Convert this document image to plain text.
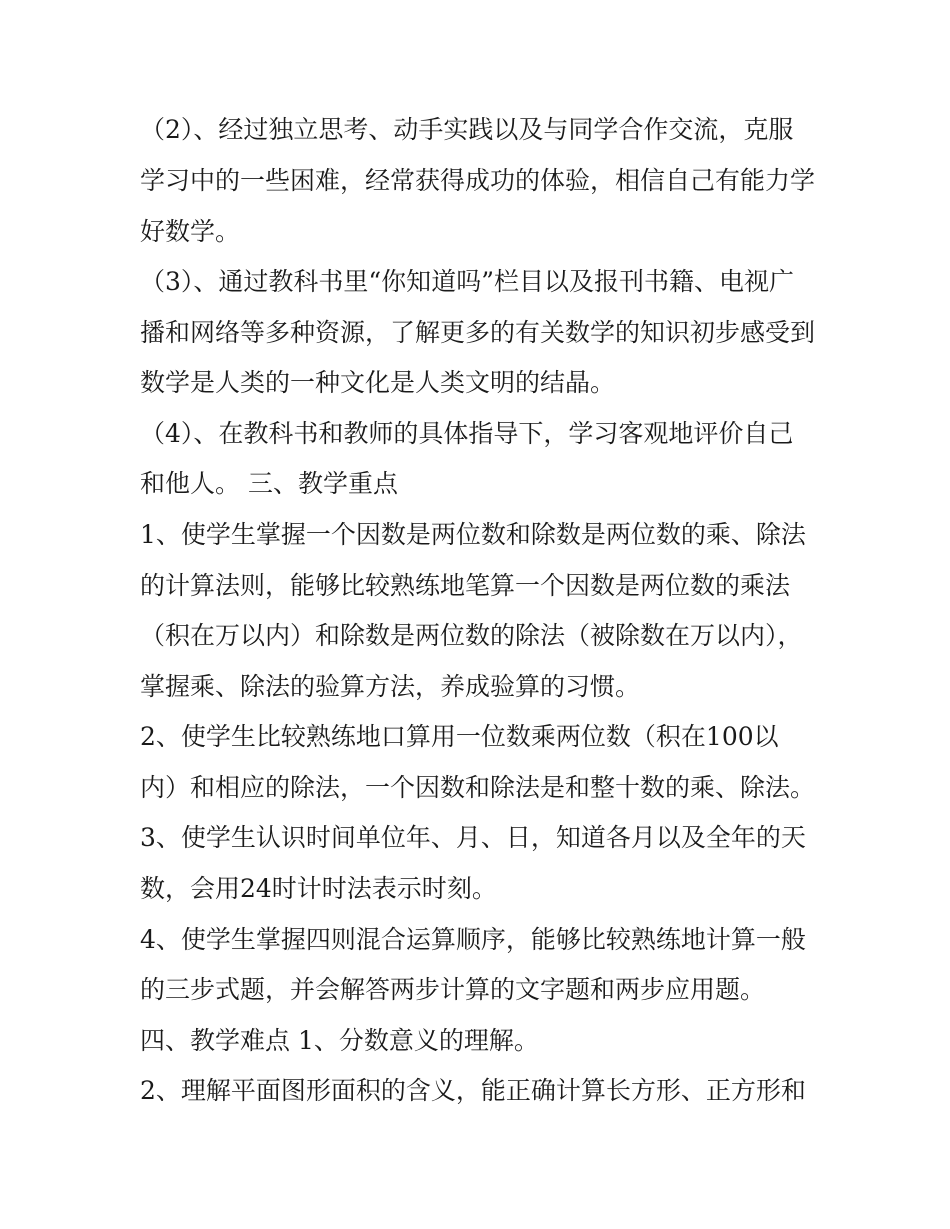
（2）、经过独立思考、动手实践以及与同学合作交流，克服
学习中的一些困难，经常获得成功的体验，相信自己有能力学
好数学。
（3）、通过教科书里“你知道吗”栏目以及报刊书籍、电视广
播和网络等多种资源，了解更多的有关数学的知识初步感受到
数学是人类的一种文化是人类文明的结晶。
（4）、在教科书和教师的具体指导下，学习客观地评价自己
和他人。 三、教学重点
1、使学生掌握一个因数是两位数和除数是两位数的乘、除法
的计算法则，能够比较熟练地笔算一个因数是两位数的乘法
（积在万以内）和除数是两位数的除法（被除数在万以内），
掌握乘、除法的验算方法，养成验算的习惯。
2、使学生比较熟练地口算用一位数乘两位数（积在100以
内）和相应的除法，一个因数和除法是和整十数的乘、除法。
3、使学生认识时间单位年、月、日，知道各月以及全年的天
数，会用24时计时法表示时刻。
4、使学生掌握四则混合运算顺序，能够比较熟练地计算一般
的三步式题，并会解答两步计算的文字题和两步应用题。
四、教学难点 1、分数意义的理解。
2、理解平面图形面积的含义，能正确计算长方形、正方形和
